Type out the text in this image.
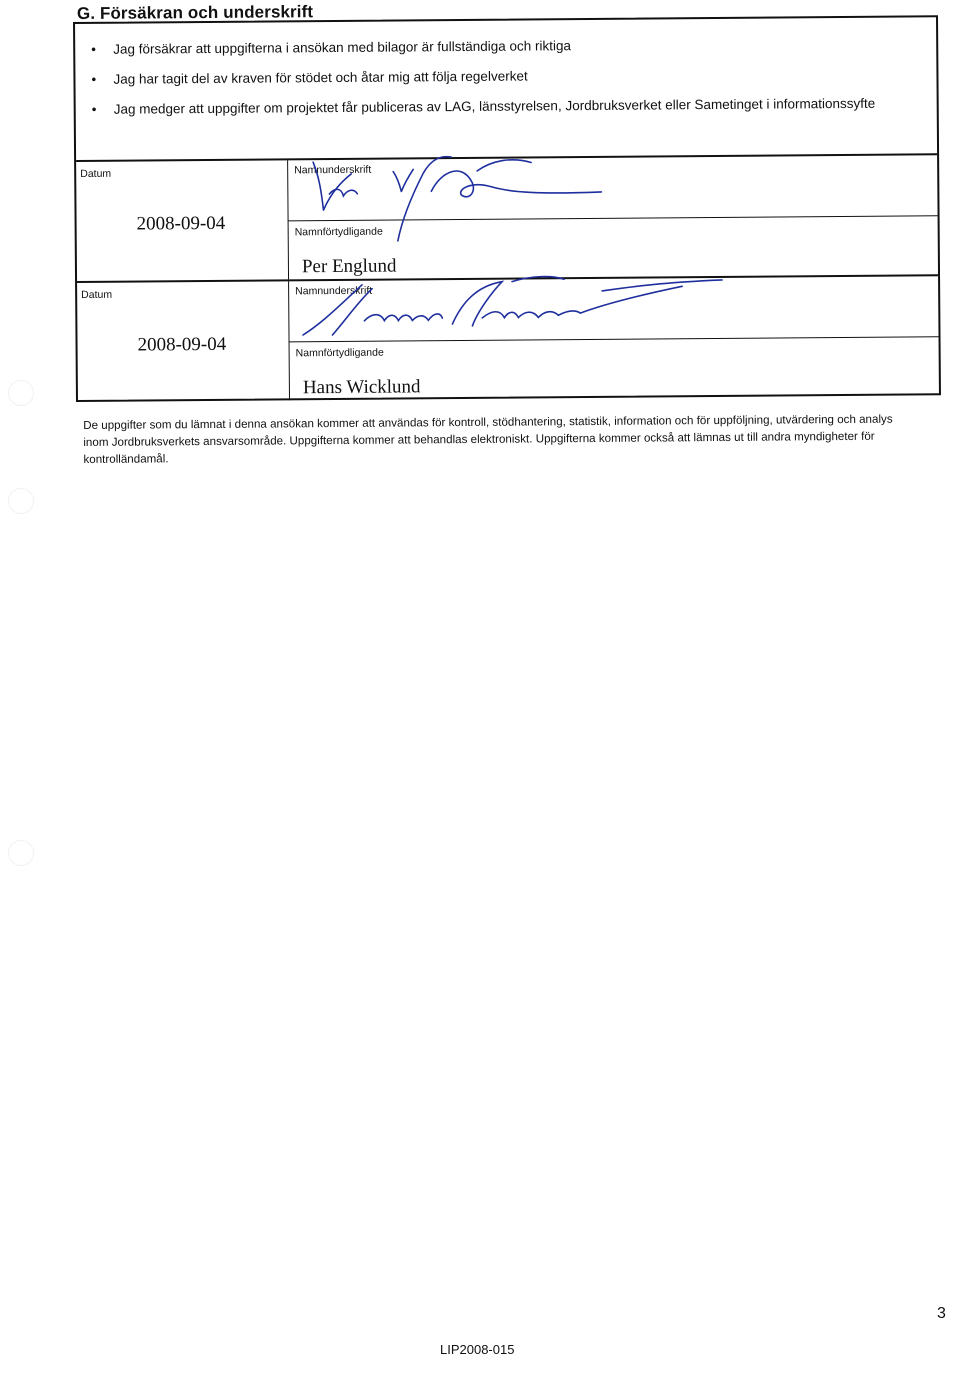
G. Försäkran och underskrift
• Jag försäkrar att uppgifterna i ansökan med bilagor är fullständiga och riktiga
• Jag har tagit del av kraven för stödet och åtar mig att följa regelverket
• Jag medger att uppgifter om projektet får publiceras av LAG, länsstyrelsen, Jordbruksverket eller Sametinget i informationssyfte
Datum
2008-09-04
Namnunderskrift
Namnförtydligande
Per Englund
Datum
2008-09-04
Namnunderskrift
Namnförtydligande
Hans Wicklund
De uppgifter som du lämnat i denna ansökan kommer att användas för kontroll, stödhantering, statistik, information och för uppföljning, utvärdering och analys inom Jordbruksverkets ansvarsområde. Uppgifterna kommer att behandlas elektroniskt. Uppgifterna kommer också att lämnas ut till andra myndigheter för kontrolländamål.
3
LIP2008-015
